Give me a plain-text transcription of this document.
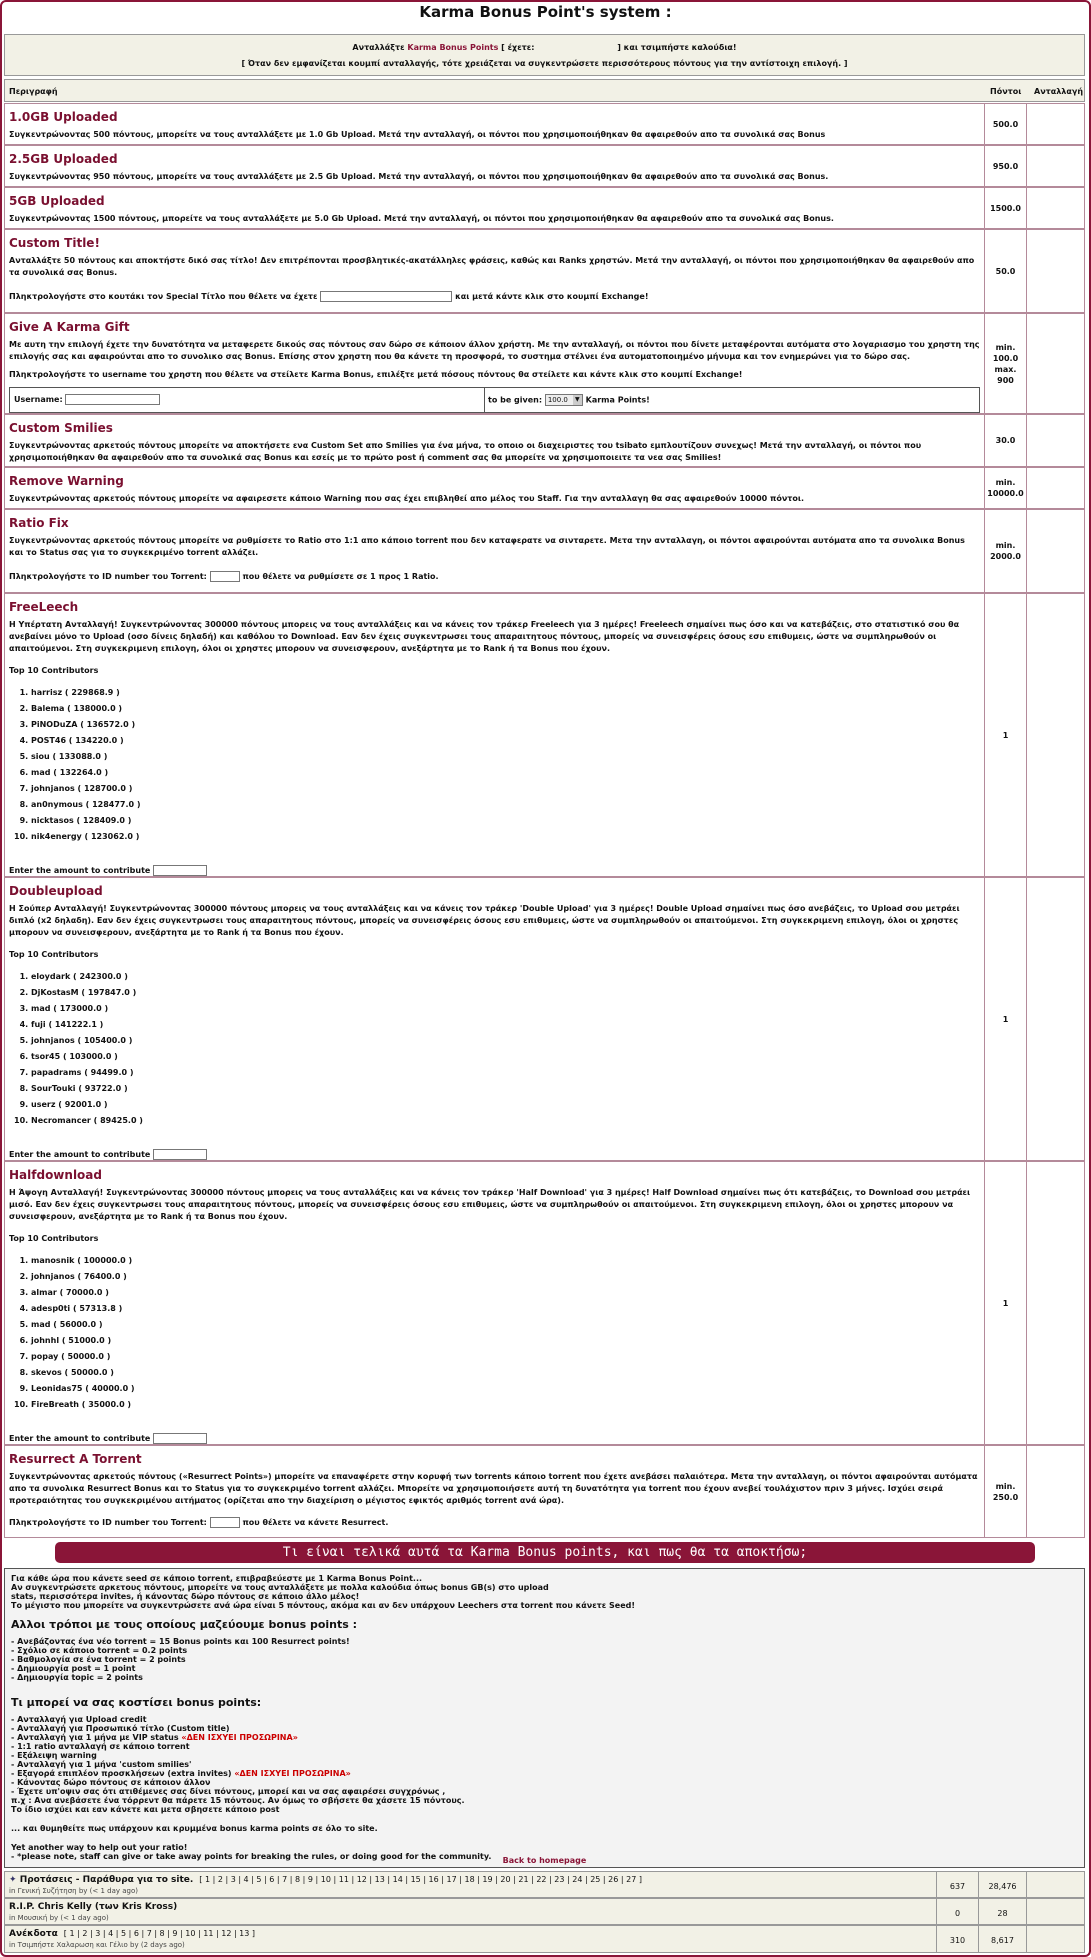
Karma Bonus Point's system :
Ανταλλάξτε Karma Bonus Points [ έχετε:	] και τσιμπήστε καλούδια!
[ Όταν δεν εμφανίζεται κουμπί ανταλλαγής, τότε χρειάζεται να συγκεντρώσετε περισσότερους πόντους για την αντίστοιχη επιλογή. ]
Περιγραφή	Πόντοι Ανταλλαγή
1.0GB Uploaded
Συγκεντρώνοντας 500 πόντους, μπορείτε να τους ανταλλάξετε με 1.0 Gb Upload. Μετά την ανταλλαγή, οι πόντοι που χρησιμοποιήθηκαν θα αφαιρεθούν απο τα συνολικά σας Bonus
500.0
2.5GB Uploaded
Συγκεντρώνοντας 950 πόντους, μπορείτε να τους ανταλλάξετε με 2.5 Gb Upload. Μετά την ανταλλαγή, οι πόντοι που χρησιμοποιήθηκαν θα αφαιρεθούν απο τα συνολικά σας Bonus.
950.0
5GB Uploaded
Συγκεντρώνοντας 1500 πόντους, μπορείτε να τους ανταλλάξετε με 5.0 Gb Upload. Μετά την ανταλλαγή, οι πόντοι που χρησιμοποιήθηκαν θα αφαιρεθούν απο τα συνολικά σας Bonus.
1500.0
Custom Title!
Ανταλλάξτε 50 πόντους και αποκτήστε δικό σας τίτλο! Δεν επιτρέπονται προσβλητικές-ακατάλληλες φράσεις, καθώς και Ranks χρηστών. Μετά την ανταλλαγή, οι πόντοι που χρησιμοποιήθηκαν θα αφαιρεθούν απο τα συνολικά σας Bonus.
Πληκτρολογήστε στο κουτάκι τον Special Τίτλο που θέλετε να έχετε	και μετά κάντε κλικ στο κουμπί Exchange!
50.0
Give A Karma Gift
Με αυτη την επιλογή έχετε την δυνατότητα να μεταφερετε δικούς σας πόντους σαν δώρο σε κάποιον άλλον χρήστη. Με την ανταλλαγή, οι πόντοι που δίνετε μεταφέρονται αυτόματα στο λογαριασμο του χρηστη της επιλογής σας και αφαιρούνται απο το συνολικο σας Bonus. Επίσης στον χρηστη που θα κάνετε τη προσφορά, το συστημα στέλνει ένα αυτοματοποιημένο μήνυμα και τον ενημερώνει για το δώρο σας.
Πληκτρολογήστε το username του χρηστη που θέλετε να στείλετε Karma Bonus, επιλέξτε μετά πόσους πόντους θα στείλετε και κάντε κλικ στο κουμπί Exchange!
Username:	to be given: 100.0	▼ Karma Points!
min.
100.0
max.
900
Custom Smilies
Συγκεντρώνοντας αρκετούς πόντους μπορείτε να αποκτήσετε ενα Custom Set απο Smilies για ένα μήνα, το οποιο οι διαχειριστες του tsibato εμπλουτίζουν συνεχως! Μετά την ανταλλαγή, οι πόντοι που χρησιμοποιήθηκαν θα αφαιρεθούν απο τα συνολικά σας Bonus και εσείς με το πρώτο post ή comment σας θα μπορείτε να χρησιμοποιειτε τα νεα σας Smilies!
30.0
Remove Warning
Συγκεντρώνοντας αρκετούς πόντους μπορείτε να αφαιρεσετε κάποιο Warning που σας έχει επιβληθεί απο μέλος του Staff. Για την ανταλλαγη θα σας αφαιρεθούν 10000 πόντοι.
min.
10000.0
Ratio Fix
Συγκεντρώνοντας αρκετούς πόντους μπορείτε να ρυθμίσετε το Ratio στο 1:1 απο κάποιο torrent που δεν καταφερατε να σινταρετε. Μετα την ανταλλαγη, οι πόντοι αφαιρούνται αυτόματα απο τα συνολικα Bonus και το Status σας για το συγκεκριμένο torrent αλλάζει.
Πληκτρολογήστε το ID number του Torrent:	που θέλετε να ρυθμίσετε σε 1 προς 1 Ratio.
min.
2000.0
FreeLeech
Η Υπέρτατη Ανταλλαγή! Συγκεντρώνοντας 300000 πόντους μπορεις να τους ανταλλάξεις και να κάνεις τον τράκερ Freeleech για 3 ημέρες! Freeleech σημαίνει πως όσο και να κατεβάζεις, στο στατιστικό σου θα ανεβαίνει μόνο το Upload (οσο δίνεις δηλαδή) και καθόλου το Download. Εαν δεν έχεις συγκεντρωσει τους απαραιτητους πόντους, μπορείς να συνεισφέρεις όσους εσυ επιθυμεις, ώστε να συμπληρωθούν οι απαιτούμενοι. Στη συγκεκριμενη επιλογη, όλοι οι χρηστες μπορουν να συνεισφερουν, ανεξάρτητα με το Rank ή τα Bonus που έχουν.
Top 10 Contributors
1. harrisz ( 229868.9 )
2. Balema ( 138000.0 )
3. PiNODuZA ( 136572.0 )
4. POST46 ( 134220.0 )
5. siou ( 133088.0 )
6. mad ( 132264.0 )
7. johnjanos ( 128700.0 )
8. an0nymous ( 128477.0 )
9. nicktasos ( 128409.0 )
10. nik4energy ( 123062.0 )
Enter the amount to contribute
1
Doubleupload
Η Σούπερ Ανταλλαγή! Συγκεντρώνοντας 300000 πόντους μπορεις να τους ανταλλάξεις και να κάνεις τον τράκερ 'Double Upload' για 3 ημέρες! Double Upload σημαίνει πως όσο ανεβάζεις, το Upload σου μετράει διπλό (x2 δηλαδη). Εαν δεν έχεις συγκεντρωσει τους απαραιτητους πόντους, μπορείς να συνεισφέρεις όσους εσυ επιθυμεις, ώστε να συμπληρωθούν οι απαιτούμενοι. Στη συγκεκριμενη επιλογη, όλοι οι χρηστες μπορουν να συνεισφερουν, ανεξάρτητα με το Rank ή τα Bonus που έχουν.
Top 10 Contributors
1. eloydark ( 242300.0 )
2. DjKostasM ( 197847.0 )
3. mad ( 173000.0 )
4. fuji ( 141222.1 )
5. johnjanos ( 105400.0 )
6. tsor45 ( 103000.0 )
7. papadrams ( 94499.0 )
8. SourTouki ( 93722.0 )
9. userz ( 92001.0 )
10. Necromancer ( 89425.0 )
Enter the amount to contribute
1
Halfdownload
Η Άψογη Ανταλλαγή! Συγκεντρώνοντας 300000 πόντους μπορεις να τους ανταλλάξεις και να κάνεις τον τράκερ 'Half Download' για 3 ημέρες! Half Download σημαίνει πως ότι κατεβάζεις, το Download σου μετράει μισό. Εαν δεν έχεις συγκεντρωσει τους απαραιτητους πόντους, μπορείς να συνεισφέρεις όσους εσυ επιθυμεις, ώστε να συμπληρωθούν οι απαιτούμενοι. Στη συγκεκριμενη επιλογη, όλοι οι χρηστες μπορουν να συνεισφερουν, ανεξάρτητα με το Rank ή τα Bonus που έχουν.
Top 10 Contributors
1. manosnik ( 100000.0 )
2. johnjanos ( 76400.0 )
3. almar ( 70000.0 )
4. adesp0ti ( 57313.8 )
5. mad ( 56000.0 )
6. johnhl ( 51000.0 )
7. popay ( 50000.0 )
8. skevos ( 50000.0 )
9. Leonidas75 ( 40000.0 )
10. FireBreath ( 35000.0 )
Enter the amount to contribute
1
Resurrect A Torrent
Συγκεντρώνοντας αρκετούς πόντους («Resurrect Points») μπορείτε να επαναφέρετε στην κορυφή των torrents κάποιο torrent που έχετε ανεβάσει παλαιότερα. Μετα την ανταλλαγη, οι πόντοι αφαιρούνται αυτόματα απο τα συνολικα Resurrect Bonus και το Status για το συγκεκριμένο torrent αλλάζει. Μπορείτε να χρησιμοποιήσετε αυτή τη δυνατότητα για torrent που έχουν ανεβεί τουλάχιστον πριν 3 μήνες. Ισχύει σειρά προτεραιότητας του συγκεκριμένου αιτήματος (ορίζεται απο την διαχείριση ο μέγιστος εφικτός αριθμός torrent ανά ώρα).
Πληκτρολογήστε το ID number του Torrent:	που θέλετε να κάνετε Resurrect.
min.
250.0
Τι είναι τελικά αυτά τα Karma Bonus points, και πως θα τα αποκτήσω;
Για κάθε ώρα που κάνετε seed σε κάποιο torrent, επιβραβεύεστε με 1 Karma Bonus Point...
Αν συγκεντρώσετε αρκετους πόντους, μπορείτε να τους ανταλλάξετε με πολλα καλούδια όπως bonus GB(s) στο upload
stats, περισσότερα invites, ή κάνοντας δώρο πόντους σε κάποιο άλλο μέλος!
Το μέγιστο που μπορείτε να συγκεντρώσετε ανά ώρα είναι 5 πόντους, ακόμα και αν δεν υπάρχουν Leechers στα torrent που κάνετε Seed!
Αλλοι τρόποι με τους οποίους μαζεύουμε bonus points :
- Ανεβάζοντας ένα νέο torrent = 15 Bonus points και 100 Resurrect points!
- Σχόλιο σε κάποιο torrent = 0.2 points
- Βαθμολογία σε ένα torrent = 2 points
- Δημιουργία post = 1 point
- Δημιουργία topic = 2 points
Τι μπορεί να σας κοστίσει bonus points:
- Ανταλλαγή για Upload credit
- Ανταλλαγή για Προσωπικό τίτλο (Custom title)
- Ανταλλαγή για 1 μήνα με VIP status «ΔΕΝ ΙΣΧΥΕΙ ΠΡΟΣΩΡΙΝΑ»
- 1:1 ratio ανταλλαγή σε κάποιο torrent
- Εξάλειψη warning
- Ανταλλαγή για 1 μήνα 'custom smilies'
- Εξαγορά επιπλέον προσκλήσεων (extra invites) «ΔΕΝ ΙΣΧΥΕΙ ΠΡΟΣΩΡΙΝΑ»
- Κάνοντας δώρο πόντους σε κάποιον άλλον
- Έχετε υπ'οψιν σας ότι ατιθέμενες σας δίνει πόντους, μπορεί και να σας αφαιρέσει συγχρόνως ,
π.χ : Ανα ανεβάσετε ένα τόρρεντ θα πάρετε 15 πόντους. Αν όμως το σβήσετε θα χάσετε 15 πόντους.
Το ίδιο ισχύει και εαν κάνετε και μετα σβησετε κάποιο post
... και θυμηθείτε πως υπάρχουν και κρυμμένα bonus karma points σε όλο το site.
Yet another way to help out your ratio!
- *please note, staff can give or take away points for breaking the rules, or doing good for the community.	Back to homepage
✦ Προτάσεις - Παράθυρα για το site. [ 1 | 2 | 3 | 4 | 5 | 6 | 7 | 8 | 9 | 10 | 11 | 12 | 13 | 14 | 15 | 16 | 17 | 18 | 19 | 20 | 21 | 22 | 23 | 24 | 25 | 26 | 27 ]
in Γενική Συζήτηση by (< 1 day ago)	637	28,476
R.I.P. Chris Kelly (των Kris Kross)
in Μουσική by (< 1 day ago)	0	28
Ανέκδοτα [ 1 | 2 | 3 | 4 | 5 | 6 | 7 | 8 | 9 | 10 | 11 | 12 | 13 ]
in Τσιμπήστε Χαλαρωση και Γέλιο by (2 days ago)	310	8,617
